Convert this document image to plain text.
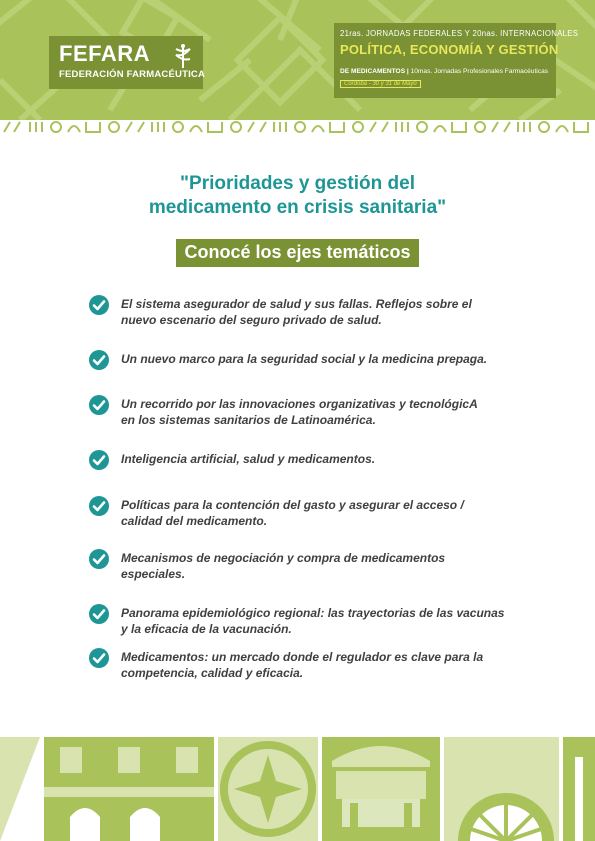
FEFARA
FEDERACIÓN FARMACÉUTICA
21ras. JORNADAS FEDERALES Y 20nas. INTERNACIONALES
POLÍTICA, ECONOMÍA Y GESTIÓN
DE MEDICAMENTOS | 10mas. Jornadas Profesionales Farmacéuticas
Córdoba - 30 y 31 de Mayo
"Prioridades y gestión del
medicamento en crisis sanitaria"
Conocé los ejes temáticos
El sistema asegurador de salud y sus fallas. Reflejos sobre el
nuevo escenario del seguro privado de salud.
Un nuevo marco para la seguridad social y la medicina prepaga.
Un recorrido por las innovaciones organizativas y tecnológicA
en los sistemas sanitarios de Latinoamérica.
Inteligencia artificial, salud y medicamentos.
Políticas para la contención del gasto y asegurar el acceso /
calidad del medicamento.
Mecanismos de negociación y compra de medicamentos
especiales.
Panorama epidemiológico regional: las trayectorias de las vacunas
y la eficacia de la vacunación.
Medicamentos: un mercado donde el regulador es clave para la
competencia, calidad y eficacia.
